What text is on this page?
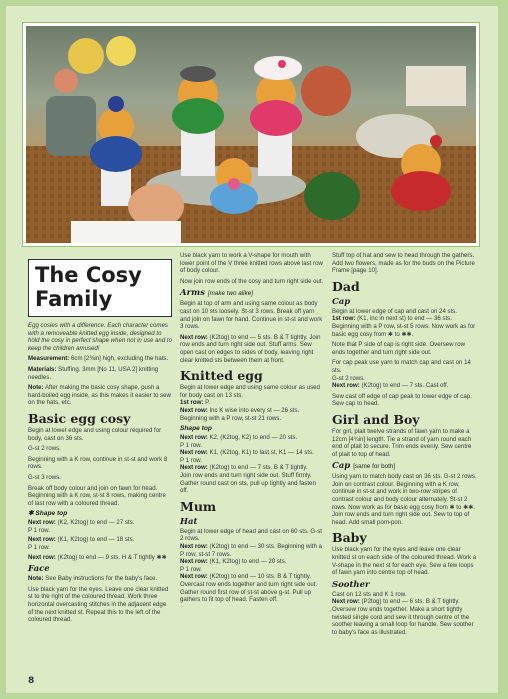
The Cosy Family

Egg cosies with a difference. Each character comes with a removeable knitted egg inside, designed to hold the cosy in perfect shape when not in use and to keep the children amused!

Measurement: 6cm [2⅜in] high, excluding the hats.

Materials: Stuffing. 3mm [No 11, USA 2] knitting needles.

Note: After making the basic cosy shape, push a hard-boiled egg inside, as this makes it easier to sew on the hats, etc.

Basic egg cosy

Begin at lower edge and using colour required for body, cast on 36 sts.

G-st 2 rows.

Beginning with a K row, continue in st-st and work 8 rows.

G-st 3 rows.

Break off body colour and join on fawn for head. Beginning with a K row, st-st 8 rows, making centre of last row with a coloured thread.

✱ Shape top

Next row: (K2, K2tog) to end — 27 sts.

P 1 row.

Next row: (K1, K2tog) to end — 18 sts.

P 1 row.

Next row: (K2tog) to end — 9 sts. H & T tightly ✱✱

Face

Note: See Baby instructions for the baby's face.

Use black yarn for the eyes. Leave one clear knitted st to the right of the coloured thread. Work three horizontal overcasting stitches in the adjacent edge of the next knitted st. Repeat this to the left of the coloured thread.

Use black yarn to work a V-shape for mouth with lower point of the V three knitted rows above last row of body colour.

Now join row ends of the cosy and turn right side out.

Arms [make two alike]

Begin at top of arm and using same colour as body cast on 10 sts loosely. St-st 3 rows. Break off yarn and join on fawn for hand. Continue in st-st and work 3 rows.

Next row: (K2tog) to end — 5 sts. B & T tightly. Join row ends and turn right side out. Stuff arms. Sew open cast on edges to sides of body, leaving right clear knitted sts between them at front.

Knitted egg

Begin at lower edge and using same colour as used for body cast on 13 sts.

1st row: P.

Next row: Inc K wise into every st — 26 sts. Beginning with a P row, st-st 21 rows.

Shape top

Next row: K2, (K2tog, K2) to end — 20 sts.

P 1 row.

Next row: K1, (K2tog, K1) to last st, K1 — 14 sts.

P 1 row.

Next row: (K2tog) to end — 7 sts. B & T tightly.

Join row ends and turn right side out. Stuff firmly. Gather round cast on sts, pull up tightly and fasten off.

Mum
Hat

Begin at lower edge of head and cast on 60 sts. G-st 2 rows.

Next row: (K2tog) to end — 30 sts. Beginning with a P row, st-st 7 rows.

Next row: (K1, K2tog) to end — 20 sts.

P 1 row.

Next row: (K2tog) to end — 10 sts. B & T tightly.

Overcast row ends together and turn right side out. Gather round first row of st-st above g-st. Pull up gathers to fit top of head. Fasten off.

Stuff top of hat and sew to head through the gathers. Add two flowers, made as for the buds on the Picture Frame [page 10].

Dad
Cap

Begin at lower edge of cap and cast on 24 sts.

1st row: (K1, inc in next st) to end — 36 sts. Beginning with a P row, st-st 5 rows. Now work as for basic egg cosy from ✱ to ✱✱.

Note that P side of cap is right side. Oversew row ends together and turn right side out.

For cap peak use yarn to match cap and cast on 14 sts.

G-st 2 rows.

Next row: (K2tog) to end — 7 sts. Cast off.

Sew cast off edge of cap peak to lower edge of cap. Sew cap to head.

Girl and Boy

For girl, plait twelve strands of fawn yarn to make a 12cm [4¾in] length. Tie a strand of yarn round each end of plait to secure. Trim ends evenly. Sew centre of plait to top of head.

Cap [same for both]

Using yarn to match body cast on 36 sts. G-st 2 rows. Join on contrast colour. Beginning with a K row, continue in st-st and work in two-row stripes of contrast colour and body colour alternately. St-st 2 rows. Now work as for basic egg cosy from ✱ to ✱✱. Join row ends and turn right side out. Sew to top of head. Add small pom-pon.

Baby

Use black yarn for the eyes and leave one clear knitted st on each side of the coloured thread. Work a V-shape in the next st for each eye. Sew a few loops of fawn yarn into centre top of head.

Soother

Cast on 12 sts and K 1 row.

Next row: (P2tog) to end — 6 sts. B & T tightly. Oversew row ends together. Make a short tightly twisted single cord and sew it through centre of the soother leaving a small loop for handle. Sew soother to baby's face as illustrated.

8
